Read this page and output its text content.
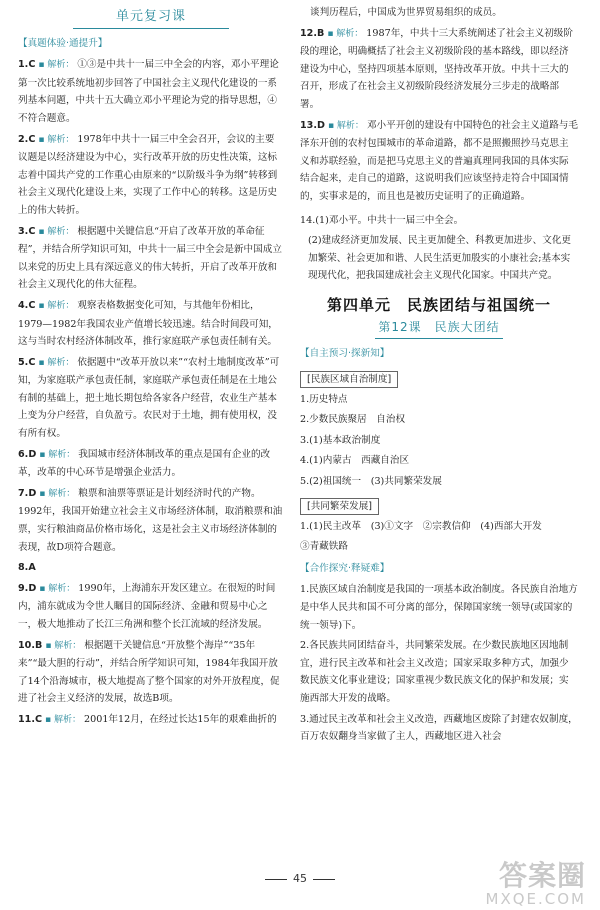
单元复习课
【真题体验·通提升】
1.C ▪ 解析： ①③是中共十一届三中全会的内容，邓小平理论第一次比较系统地初步回答了中国社会主义现代化建设的一系列基本问题，中共十五大确立邓小平理论为党的指导思想，④不符合题意。
2.C ▪ 解析： 1978年中共十一届三中全会召开，会议的主要议题是以经济建设为中心，实行改革开放的历史性决策，这标志着中国共产党的工作重心由原来的“以阶级斗争为纲”转移到社会主义现代化建设上来，实现了工作中心的转移。这是历史上的伟大转折。
3.C ▪ 解析： 根据题中关键信息“开启了改革开放的革命征程”，并结合所学知识可知，中共十一届三中全会是新中国成立以来党的历史上具有深远意义的伟大转折，开启了改革开放和社会主义现代化的伟大征程。
4.C ▪ 解析： 观察表格数据变化可知，与其他年份相比，1979—1982年我国农业产值增长较迅速。结合时间段可知，这与当时农村经济体制改革，推行家庭联产承包责任制有关。
5.C ▪ 解析： 依据题中“改革开放以来”“农村土地制度改革”可知，为家庭联产承包责任制，家庭联产承包责任制是在土地公有制的基础上，把土地长期包给各家各户经营，农业生产基本上变为分户经营，自负盈亏。农民对于土地，拥有使用权，没有所有权。
6.D ▪ 解析： 我国城市经济体制改革的重点是国有企业的改革，改革的中心环节是增强企业活力。
7.D ▪ 解析： 粮票和油票等票证是计划经济时代的产物。1992年，我国开始建立社会主义市场经济体制，取消粮票和油票，实行粮油商品价格市场化，这是社会主义市场经济体制的表现，故D项符合题意。
8.A
9.D ▪ 解析： 1990年，上海浦东开发区建立。在很短的时间内，浦东就成为令世人瞩目的国际经济、金融和贸易中心之一，极大地推动了长江三角洲和整个长江流域的经济发展。
10.B ▪ 解析： 根据题干关键信息“开放整个海岸”“35年来”“最大胆的行动”，并结合所学知识可知，1984年我国开放了14个沿海城市，极大地提高了整个国家的对外开放程度，促进了社会主义经济的发展，故选B项。
11.C ▪ 解析： 2001年12月，在经过长达15年的艰难曲折的
谈判历程后，中国成为世界贸易组织的成员。
12.B ▪ 解析： 1987年，中共十三大系统阐述了社会主义初级阶段的理论，明确概括了社会主义初级阶段的基本路线，即以经济建设为中心，坚持四项基本原则，坚持改革开放。中共十三大的召开，形成了在社会主义初级阶段经济发展分三步走的战略部署。
13.D ▪ 解析： 邓小平开创的建设有中国特色的社会主义道路与毛泽东开创的农村包围城市的革命道路，都不是照搬照抄马克思主义和苏联经验，而是把马克思主义的普遍真理同我国的具体实际结合起来，走自己的道路，这说明我们应该坚持走符合中国国情的，实事求是的，而且也是被历史证明了的正确道路。
14.(1)邓小平。中共十一届三中全会。
(2)建成经济更加发展、民主更加健全、科教更加进步、文化更加繁荣、社会更加和谐、人民生活更加殷实的小康社会;基本实现现代化，把我国建成社会主义现代化国家。中国共产党。
第四单元　民族团结与祖国统一
第12课　民族大团结
【自主预习·探新知】
[民族区域自治制度]
1.历史特点
2.少数民族聚居　自治权
3.(1)基本政治制度
4.(1)内蒙古　西藏自治区
5.(2)祖国统一　(3)共同繁荣发展
[共同繁荣发展]
1.(1)民主改革　(3)①文字　②宗教信仰　(4)西部大开发
③青藏铁路
【合作探究·释疑难】
1.民族区域自治制度是我国的一项基本政治制度。各民族自治地方是中华人民共和国不可分离的部分，保障国家统一领导(或国家的统一领导)下。
2.各民族共同团结奋斗，共同繁荣发展。在少数民族地区因地制宜，进行民主改革和社会主义改造；国家采取多种方式，加强少数民族文化事业建设；国家重视少数民族文化的保护和发展；实施西部大开发的战略。
3.通过民主改革和社会主义改造，西藏地区废除了封建农奴制度，百万农奴翻身当家做了主人，西藏地区进入社会
45	答案圈
MXQE.COM
